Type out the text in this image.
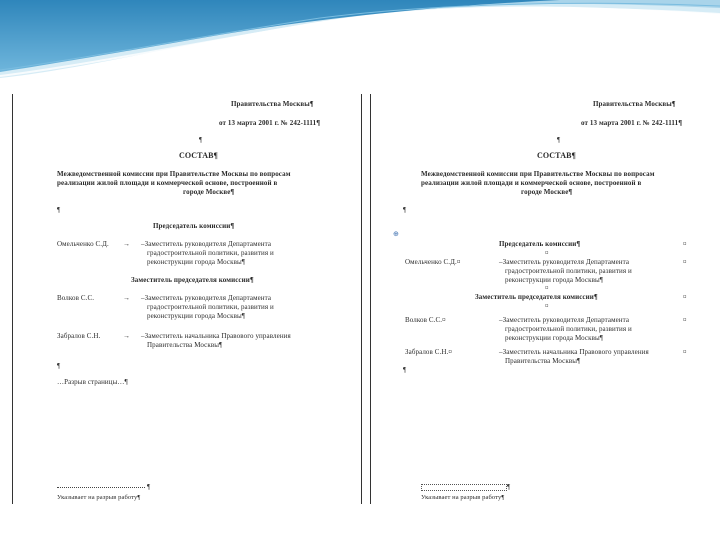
Правительства Москвы¶
от 13 марта 2001 г. № 242-1111¶
¶
СОСТАВ¶
Межведомственной комиссии при Правительстве Москвы по вопросам
реализации жилой площади и коммерческой основе, построенной в
городе Москве¶
¶
Председатель комиссии¶
Омельченко С.Д. → –Заместитель руководителя Департамента
градостроительной политики, развития и
реконструкции города Москвы¶
Заместитель председателя комиссии¶
Волков С.С.	→ –Заместитель руководителя Департамента
градостроительной политики, развития и
реконструкции города Москвы¶
Забралов С.Н.	→ –Заместитель начальника Правового управления
Правительства Москвы¶
¶
…Разрыв страницы…¶
¶
Указывает на разрыв работу¶
Правительства Москвы¶
от 13 марта 2001 г. № 242-1111¶
¶
СОСТАВ¶
Межведомственной комиссии при Правительстве Москвы по вопросам
реализации жилой площади и коммерческой основе, построенной в
городе Москве¶
¶
⊕
Председатель комиссии¶	¤
¤
Омельченко С.Д.¤	–Заместитель руководителя Департамента
градостроительной политики, развития и
реконструкции города Москвы¶
¤
¤
Заместитель председателя комиссии¶	¤
¤
Волков С.С.¤	–Заместитель руководителя Департамента
градостроительной политики, развития и
реконструкции города Москвы¶
¤
Забралов С.Н.¤	–Заместитель начальника Правового управления
Правительства Москвы¶
¤
¶
¶
Указывает на разрыв работу¶
